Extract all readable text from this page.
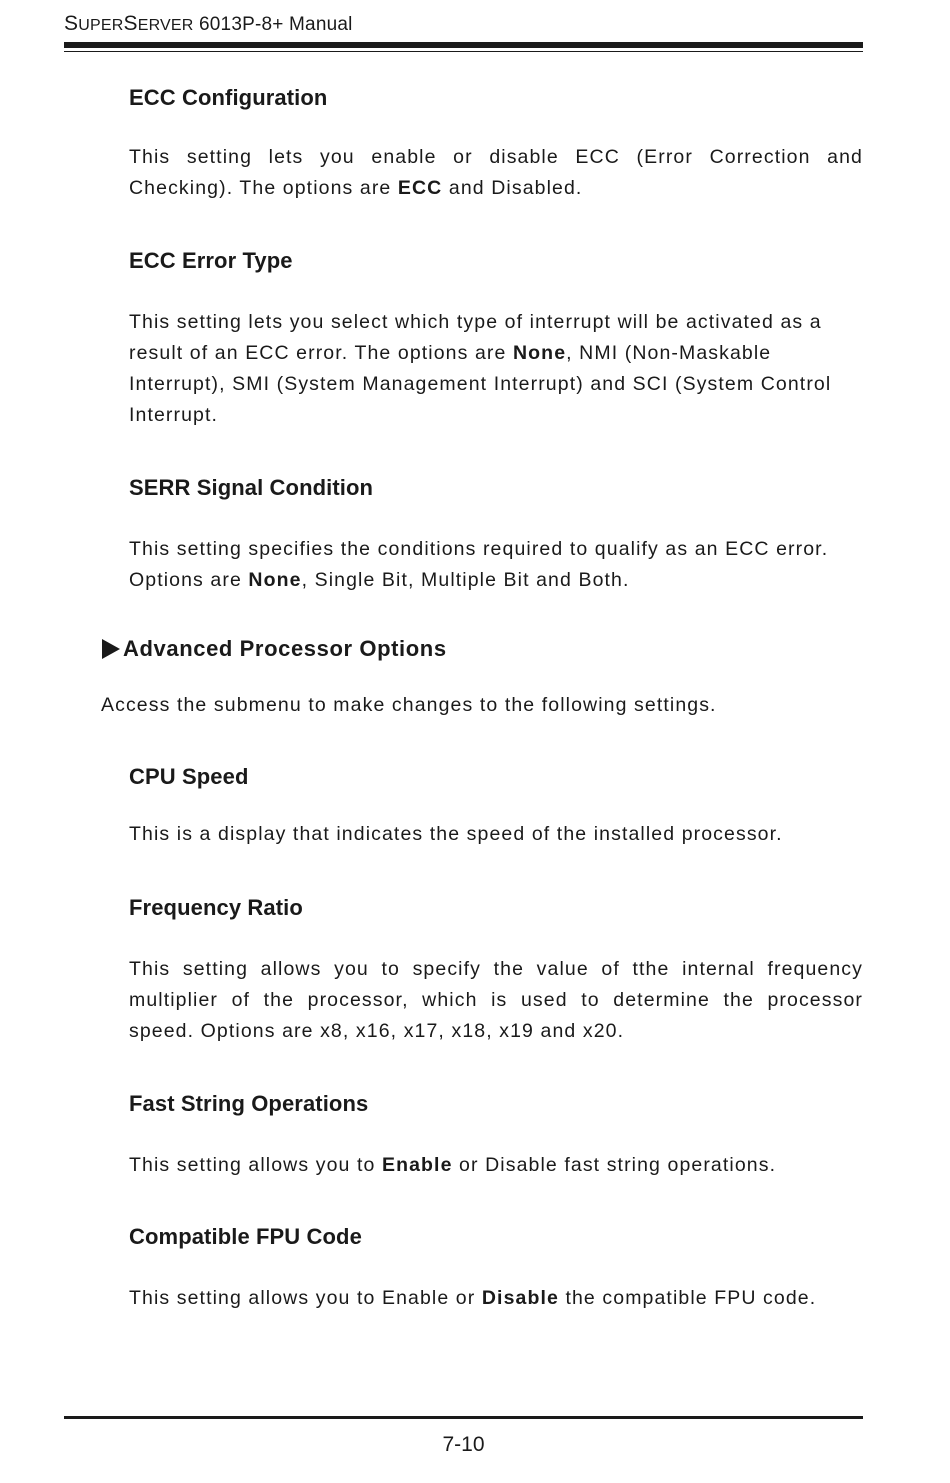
SUPERSERVER 6013P-8+ Manual
ECC Configuration
This setting lets you enable or disable ECC (Error Correction and Checking). The options are ECC and Disabled.
ECC Error Type
This setting lets you select which type of interrupt will be activated as a result of an ECC error. The options are None, NMI (Non-Maskable Interrupt), SMI (System Management Interrupt) and SCI (System Control Interrupt.
SERR Signal Condition
This setting specifies the conditions required to qualify as an ECC error. Options are None, Single Bit, Multiple Bit and Both.
Advanced Processor Options
Access the submenu to make changes to the following settings.
CPU Speed
This is a display that indicates the speed of the installed processor.
Frequency Ratio
This setting allows you to specify the value of tthe internal frequency multiplier of the processor, which is used to determine the processor speed. Options are x8, x16, x17, x18, x19 and x20.
Fast String Operations
This setting allows you to Enable or Disable fast string operations.
Compatible FPU Code
This setting allows you to Enable or Disable the compatible FPU code.
7-10
